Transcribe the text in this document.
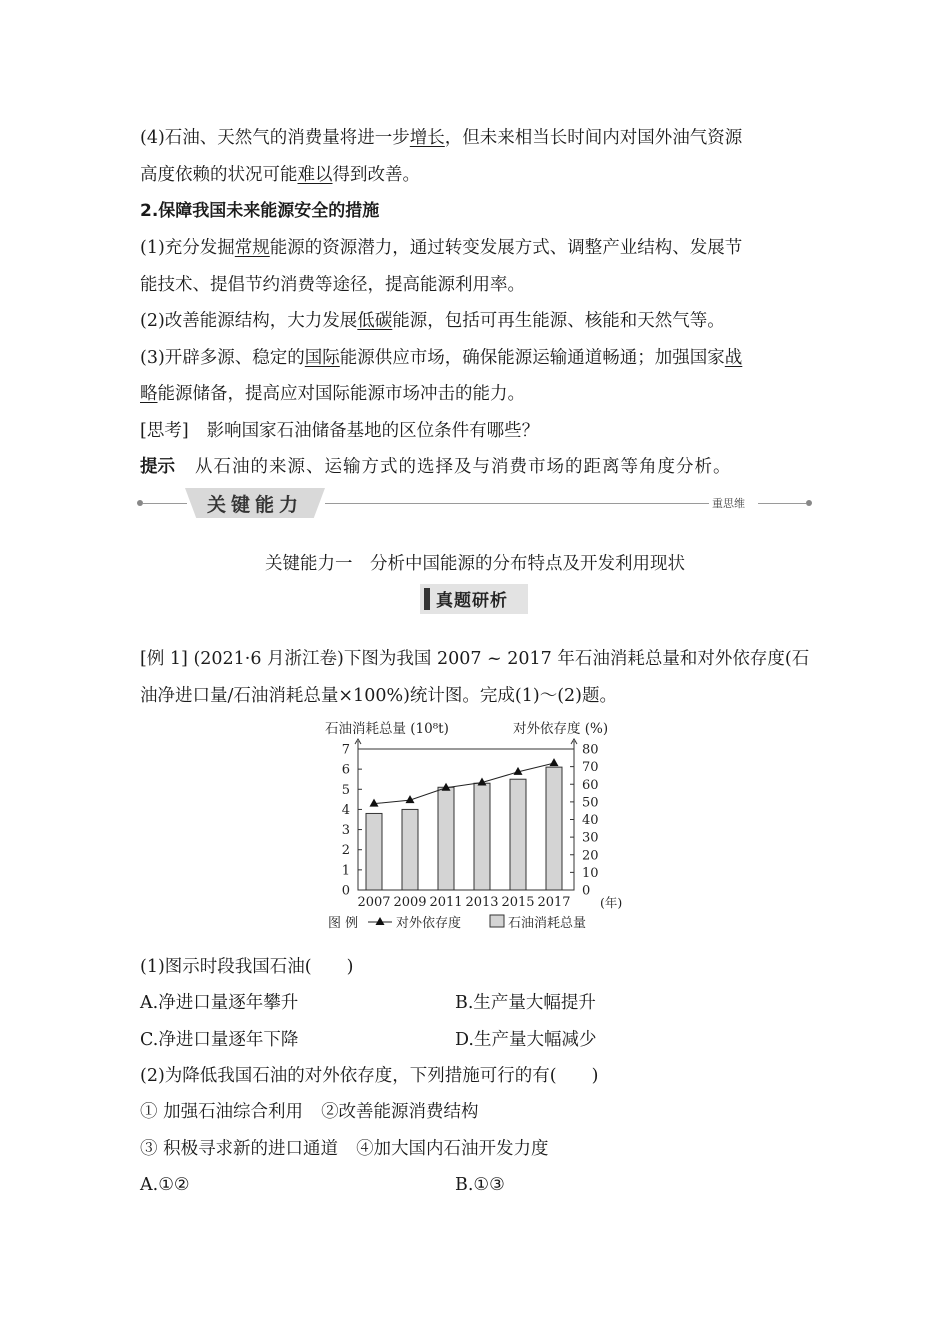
(4)石油、天然气的消费量将进一步增长，但未来相当长时间内对国外油气资源
高度依赖的状况可能难以得到改善。
2.保障我国未来能源安全的措施
(1)充分发掘常规能源的资源潜力，通过转变发展方式、调整产业结构、发展节
能技术、提倡节约消费等途径，提高能源利用率。
(2)改善能源结构，大力发展低碳能源，包括可再生能源、核能和天然气等。
(3)开辟多源、稳定的国际能源供应市场，确保能源运输通道畅通；加强国家战
略能源储备，提高应对国际能源市场冲击的能力。
[思考] 影响国家石油储备基地的区位条件有哪些？
提示 从石油的来源、运输方式的选择及与消费市场的距离等角度分析。
关键能力	重思维
关键能力一　分析中国能源的分布特点及开发利用现状
真题研析
[例 1] (2021·6 月浙江卷)下图为我国 2007 ~ 2017 年石油消耗总量和对外依存度(石
油净进口量/石油消耗总量×100%)统计图。完成(1)～(2)题。
石油消耗总量 (10⁸t)	对外依存度 (%)
(年)
图 例
0
1
2
3
4
5
6
7
0
10
20
30
40
50
60
70
80
2007 2009 2011 2013 2015 2017
对外依存度	石油消耗总量
(1)图示时段我国石油(　　)
A.净进口量逐年攀升	B.生产量大幅提升
C.净进口量逐年下降	D.生产量大幅减少
(2)为降低我国石油的对外依存度，下列措施可行的有(　　)
① 加强石油综合利用 ②改善能源消费结构
③ 积极寻求新的进口通道 ④加大国内石油开发力度
A.①②	B.①③
